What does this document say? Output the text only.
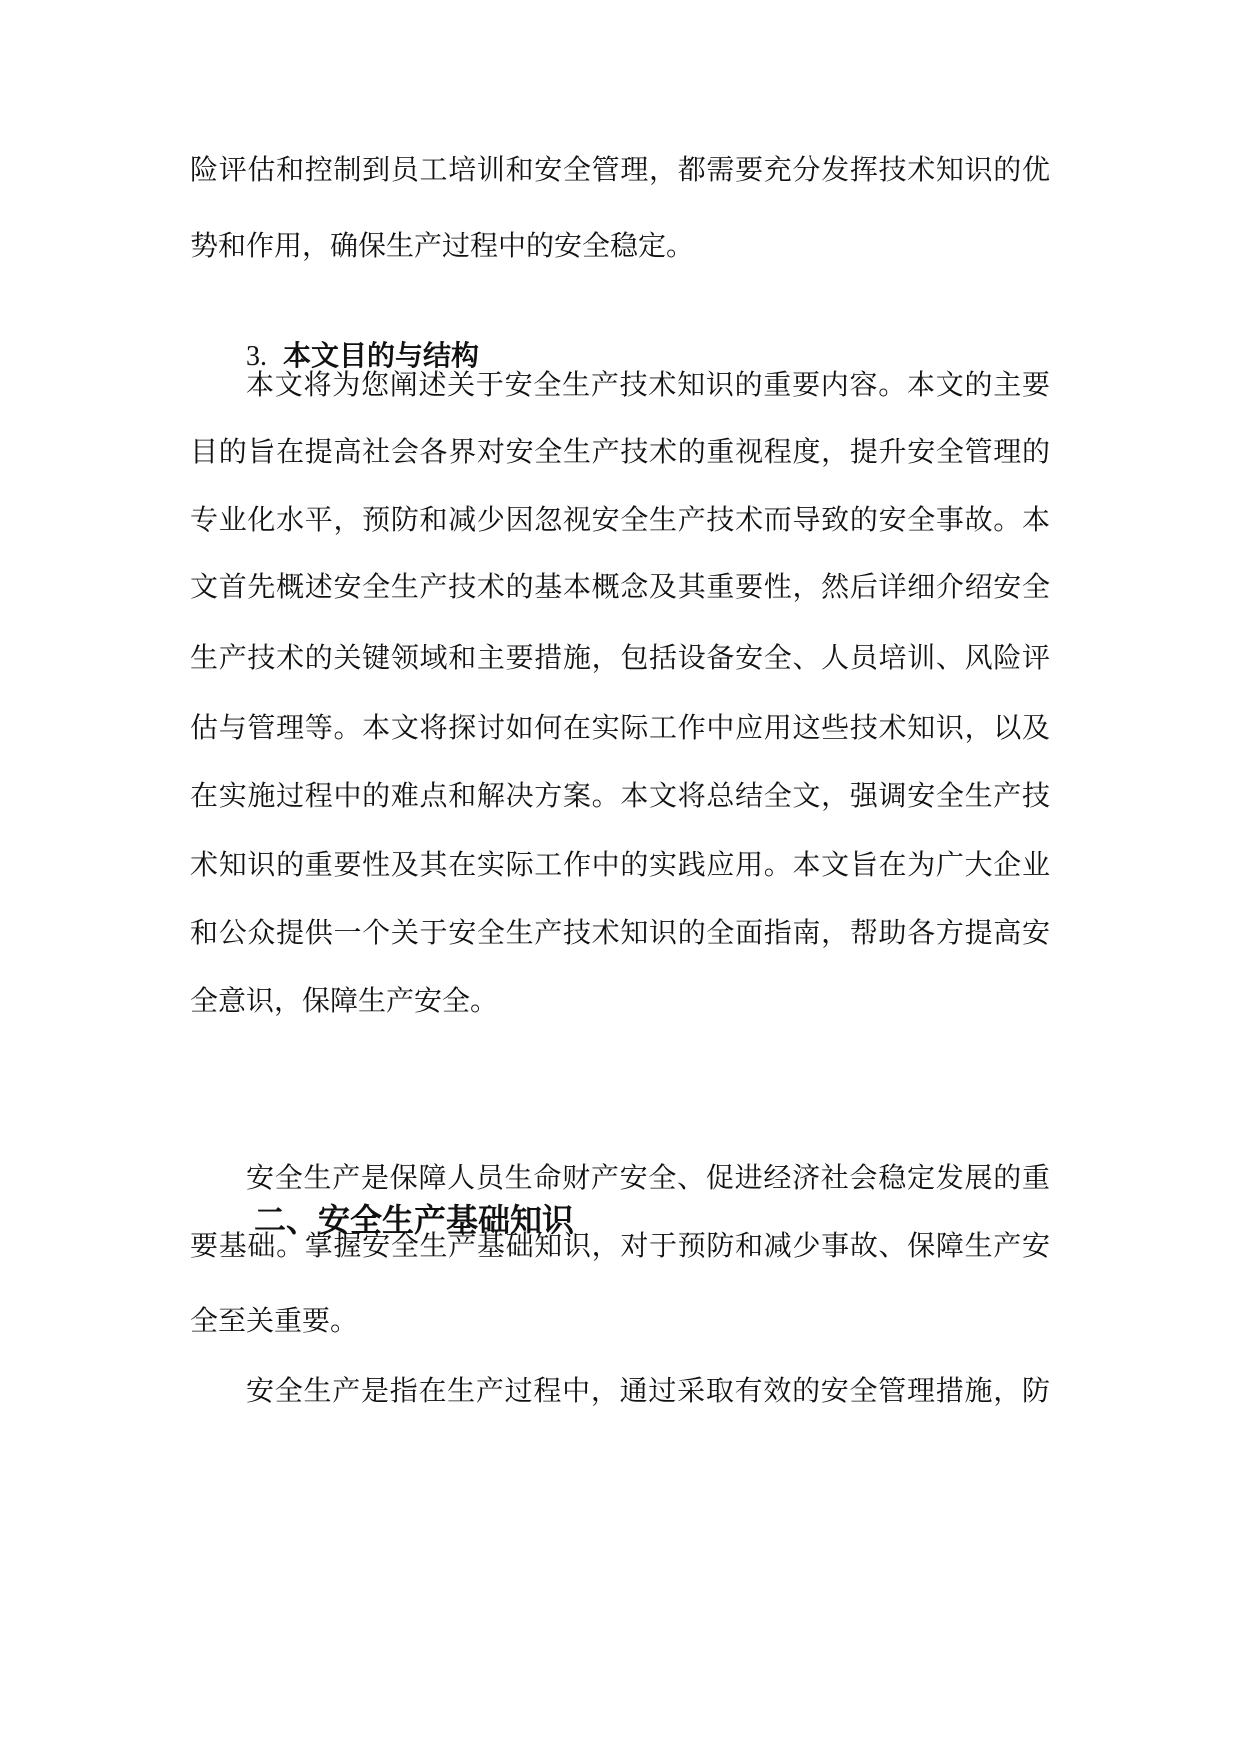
险评估和控制到员工培训和安全管理，都需要充分发挥技术知识的优
势和作用，确保生产过程中的安全稳定。
3. 本文目的与结构
本文将为您阐述关于安全生产技术知识的重要内容。本文的主要
目的旨在提高社会各界对安全生产技术的重视程度，提升安全管理的
专业化水平，预防和减少因忽视安全生产技术而导致的安全事故。本
文首先概述安全生产技术的基本概念及其重要性，然后详细介绍安全
生产技术的关键领域和主要措施，包括设备安全、人员培训、风险评
估与管理等。本文将探讨如何在实际工作中应用这些技术知识，以及
在实施过程中的难点和解决方案。本文将总结全文，强调安全生产技
术知识的重要性及其在实际工作中的实践应用。本文旨在为广大企业
和公众提供一个关于安全生产技术知识的全面指南，帮助各方提高安
全意识，保障生产安全。
二、安全生产基础知识
安全生产是保障人员生命财产安全、促进经济社会稳定发展的重
要基础。掌握安全生产基础知识，对于预防和减少事故、保障生产安
全至关重要。
安全生产是指在生产过程中，通过采取有效的安全管理措施，防
